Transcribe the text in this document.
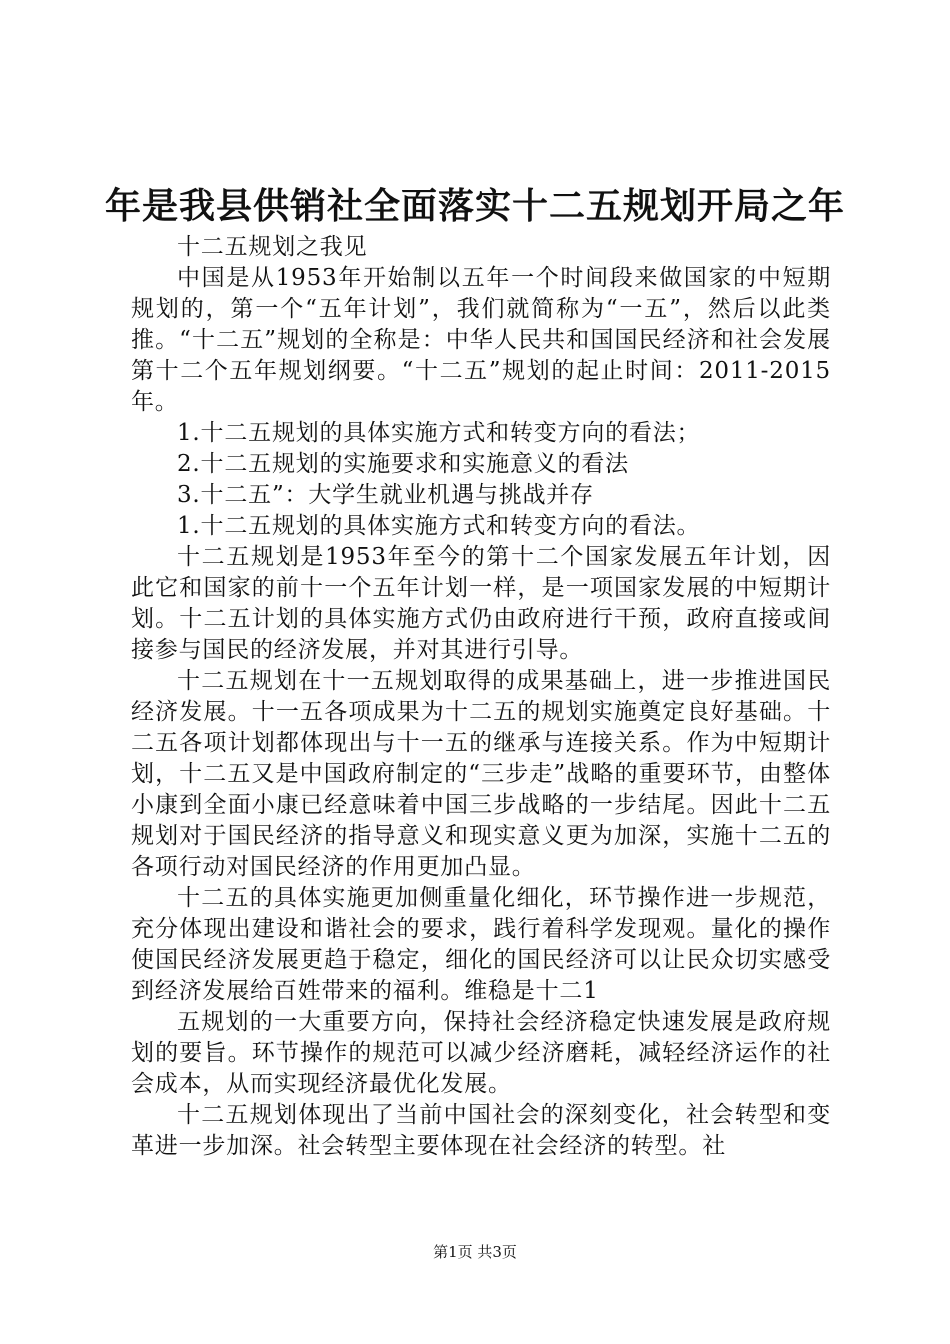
年是我县供销社全面落实十二五规划开局之年

十二五规划之我见

中国是从1953年开始制以五年一个时间段来做国家的中短期规划的，第一个“五年计划”，我们就简称为“一五”，然后以此类推。“十二五”规划的全称是：中华人民共和国国民经济和社会发展第十二个五年规划纲要。“十二五”规划的起止时间：2011-2015年。

1.十二五规划的具体实施方式和转变方向的看法；

2.十二五规划的实施要求和实施意义的看法

3.十二五”：大学生就业机遇与挑战并存

1.十二五规划的具体实施方式和转变方向的看法。

十二五规划是1953年至今的第十二个国家发展五年计划，因此它和国家的前十一个五年计划一样，是一项国家发展的中短期计划。十二五计划的具体实施方式仍由政府进行干预，政府直接或间接参与国民的经济发展，并对其进行引导。

十二五规划在十一五规划取得的成果基础上，进一步推进国民经济发展。十一五各项成果为十二五的规划实施奠定良好基础。十二五各项计划都体现出与十一五的继承与连接关系。作为中短期计划，十二五又是中国政府制定的“三步走”战略的重要环节，由整体小康到全面小康已经意味着中国三步战略的一步结尾。因此十二五规划对于国民经济的指导意义和现实意义更为加深，实施十二五的各项行动对国民经济的作用更加凸显。

十二五的具体实施更加侧重量化细化，环节操作进一步规范，充分体现出建设和谐社会的要求，践行着科学发现观。量化的操作使国民经济发展更趋于稳定，细化的国民经济可以让民众切实感受到经济发展给百姓带来的福利。维稳是十二1

五规划的一大重要方向，保持社会经济稳定快速发展是政府规划的要旨。环节操作的规范可以减少经济磨耗，减轻经济运作的社会成本，从而实现经济最优化发展。

十二五规划体现出了当前中国社会的深刻变化，社会转型和变革进一步加深。社会转型主要体现在社会经济的转型。社

第1页 共3页
